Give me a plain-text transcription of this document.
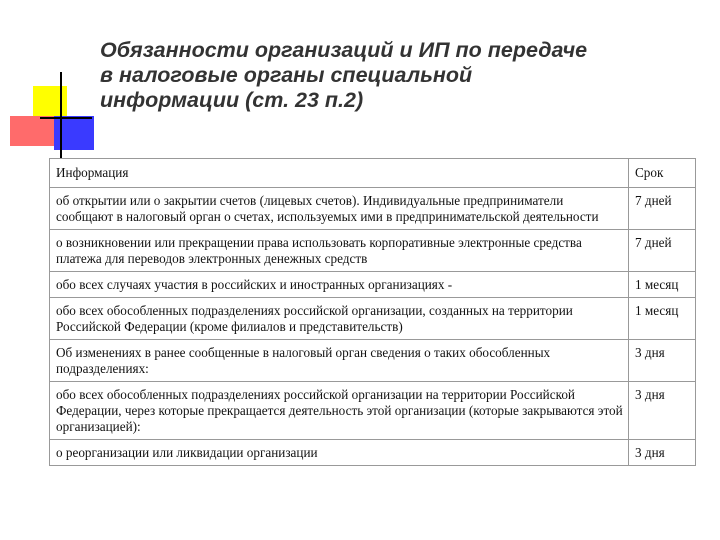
Обязанности организаций и ИП по передаче
в налоговые органы специальной
информации (ст. 23 п.2)
Информация	Срок
об открытии или о закрытии счетов (лицевых счетов). Индивидуальные предприниматели сообщают в налоговый орган о счетах, используемых ими в предпринимательской деятельности	7 дней
о возникновении или прекращении права использовать корпоративные электронные средства платежа для переводов электронных денежных средств	7 дней
обо всех случаях участия в российских и иностранных организациях -	1 месяц
обо всех обособленных подразделениях российской организации, созданных на территории Российской Федерации (кроме филиалов и представительств)	1 месяц
Об изменениях в ранее сообщенные в налоговый орган сведения о таких обособленных подразделениях:	3 дня
обо всех обособленных подразделениях российской организации на территории Российской Федерации, через которые прекращается деятельность этой организации (которые закрываются этой организацией):	3 дня
о реорганизации или ликвидации организации	3 дня
